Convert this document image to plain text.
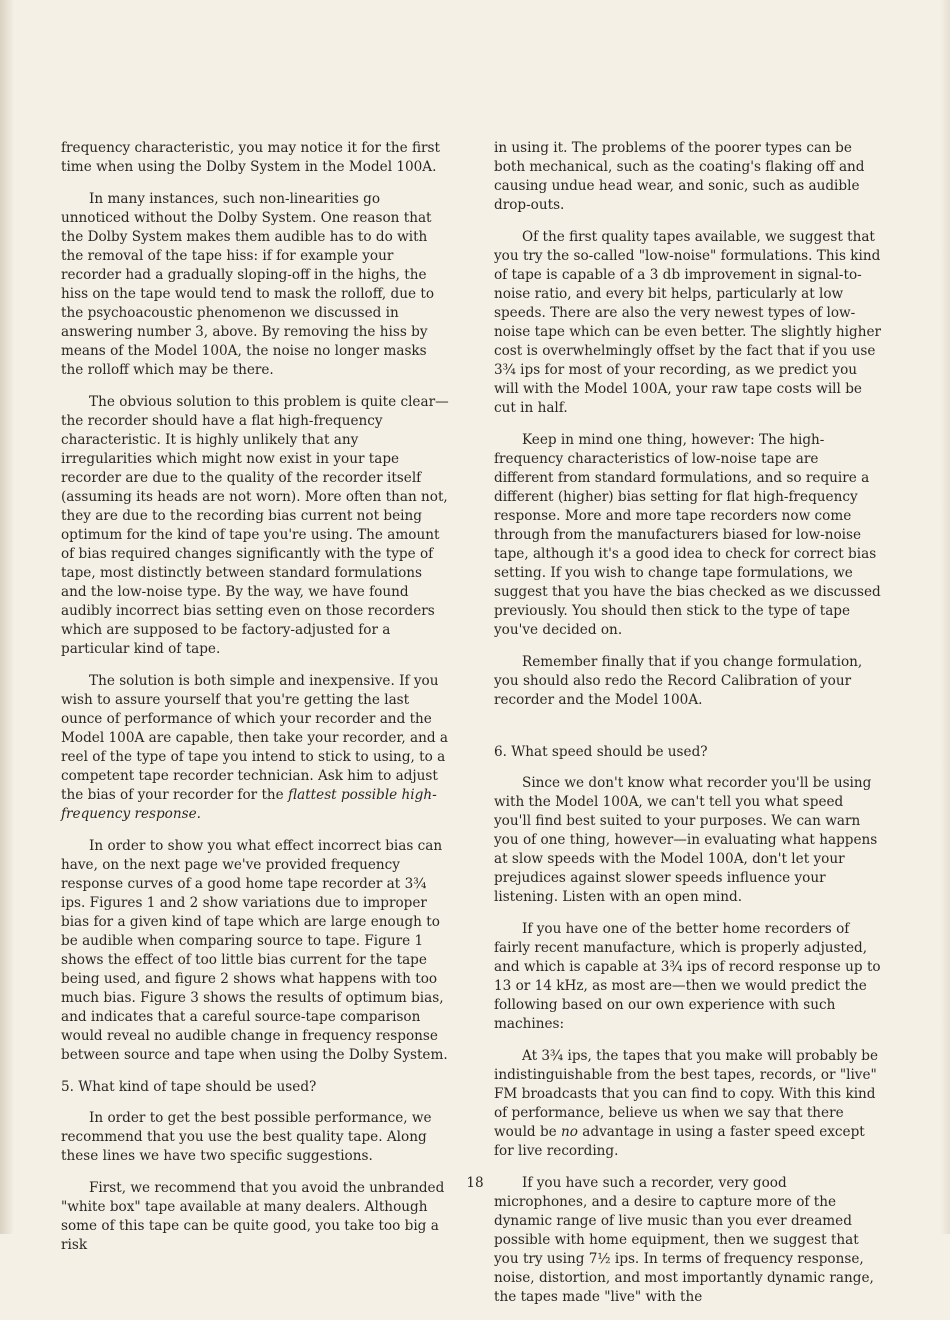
frequency characteristic, you may notice it for the first time when using the Dolby System in the Model 100A.

In many instances, such non-linearities go unnoticed without the Dolby System. One reason that the Dolby System makes them audible has to do with the removal of the tape hiss: if for example your recorder had a gradually sloping-off in the highs, the hiss on the tape would tend to mask the rolloff, due to the psychoacoustic phenomenon we discussed in answering number 3, above. By removing the hiss by means of the Model 100A, the noise no longer masks the rolloff which may be there.

The obvious solution to this problem is quite clear—the recorder should have a flat high-frequency characteristic. It is highly unlikely that any irregularities which might now exist in your tape recorder are due to the quality of the recorder itself (assuming its heads are not worn). More often than not, they are due to the recording bias current not being optimum for the kind of tape you're using. The amount of bias required changes significantly with the type of tape, most distinctly between standard formulations and the low-noise type. By the way, we have found audibly incorrect bias setting even on those recorders which are supposed to be factory-adjusted for a particular kind of tape.

The solution is both simple and inexpensive. If you wish to assure yourself that you're getting the last ounce of performance of which your recorder and the Model 100A are capable, then take your recorder, and a reel of the type of tape you intend to stick to using, to a competent tape recorder technician. Ask him to adjust the bias of your recorder for the flattest possible high-frequency response.

In order to show you what effect incorrect bias can have, on the next page we've provided frequency response curves of a good home tape recorder at 3¾ ips. Figures 1 and 2 show variations due to improper bias for a given kind of tape which are large enough to be audible when comparing source to tape. Figure 1 shows the effect of too little bias current for the tape being used, and figure 2 shows what happens with too much bias. Figure 3 shows the results of optimum bias, and indicates that a careful source-tape comparison would reveal no audible change in frequency response between source and tape when using the Dolby System.

5. What kind of tape should be used?

In order to get the best possible performance, we recommend that you use the best quality tape. Along these lines we have two specific suggestions.

First, we recommend that you avoid the unbranded "white box" tape available at many dealers. Although some of this tape can be quite good, you take too big a risk

in using it. The problems of the poorer types can be both mechanical, such as the coating's flaking off and causing undue head wear, and sonic, such as audible drop-outs.

Of the first quality tapes available, we suggest that you try the so-called "low-noise" formulations. This kind of tape is capable of a 3 db improvement in signal-to-noise ratio, and every bit helps, particularly at low speeds. There are also the very newest types of low-noise tape which can be even better. The slightly higher cost is overwhelmingly offset by the fact that if you use 3¾ ips for most of your recording, as we predict you will with the Model 100A, your raw tape costs will be cut in half.

Keep in mind one thing, however: The high-frequency characteristics of low-noise tape are different from standard formulations, and so require a different (higher) bias setting for flat high-frequency response. More and more tape recorders now come through from the manufacturers biased for low-noise tape, although it's a good idea to check for correct bias setting. If you wish to change tape formulations, we suggest that you have the bias checked as we discussed previously. You should then stick to the type of tape you've decided on.

Remember finally that if you change formulation, you should also redo the Record Calibration of your recorder and the Model 100A.

6. What speed should be used?

Since we don't know what recorder you'll be using with the Model 100A, we can't tell you what speed you'll find best suited to your purposes. We can warn you of one thing, however—in evaluating what happens at slow speeds with the Model 100A, don't let your prejudices against slower speeds influence your listening. Listen with an open mind.

If you have one of the better home recorders of fairly recent manufacture, which is properly adjusted, and which is capable at 3¾ ips of record response up to 13 or 14 kHz, as most are—then we would predict the following based on our own experience with such machines:

At 3¾ ips, the tapes that you make will probably be indistinguishable from the best tapes, records, or "live" FM broadcasts that you can find to copy. With this kind of performance, believe us when we say that there would be no advantage in using a faster speed except for live recording.

If you have such a recorder, very good microphones, and a desire to capture more of the dynamic range of live music than you ever dreamed possible with home equipment, then we suggest that you try using 7½ ips. In terms of frequency response, noise, distortion, and most importantly dynamic range, the tapes made "live" with the

18
